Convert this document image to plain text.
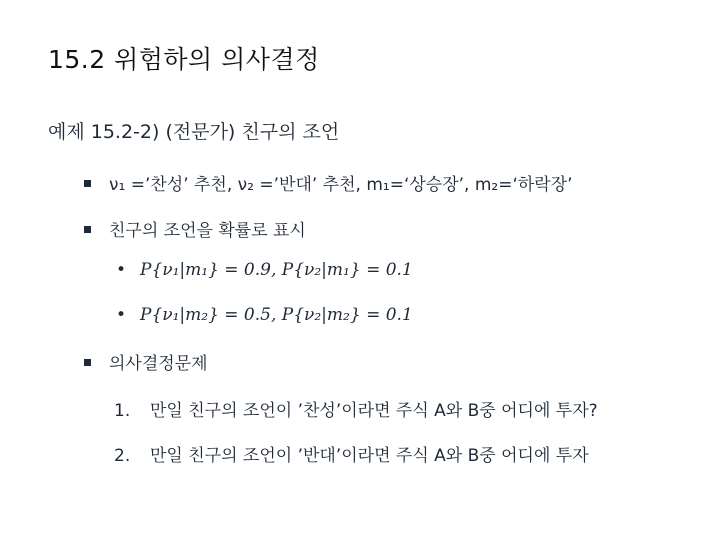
15.2 위험하의 의사결정
예제 15.2-2) (전문가) 친구의 조언
ν₁ =’찬성’ 추천, ν₂ =’반대’ 추천, m₁=‘상승장’, m₂=‘하락장’
친구의 조언을 확률로 표시
• P{ν₁|m₁} = 0.9, P{ν₂|m₁} = 0.1
• P{ν₁|m₂} = 0.5, P{ν₂|m₂} = 0.1
의사결정문제
1.	만일 친구의 조언이 ’찬성’이라면 주식 A와 B중 어디에 투자?
2.	만일 친구의 조언이 ’반대’이라면 주식 A와 B중 어디에 투자
